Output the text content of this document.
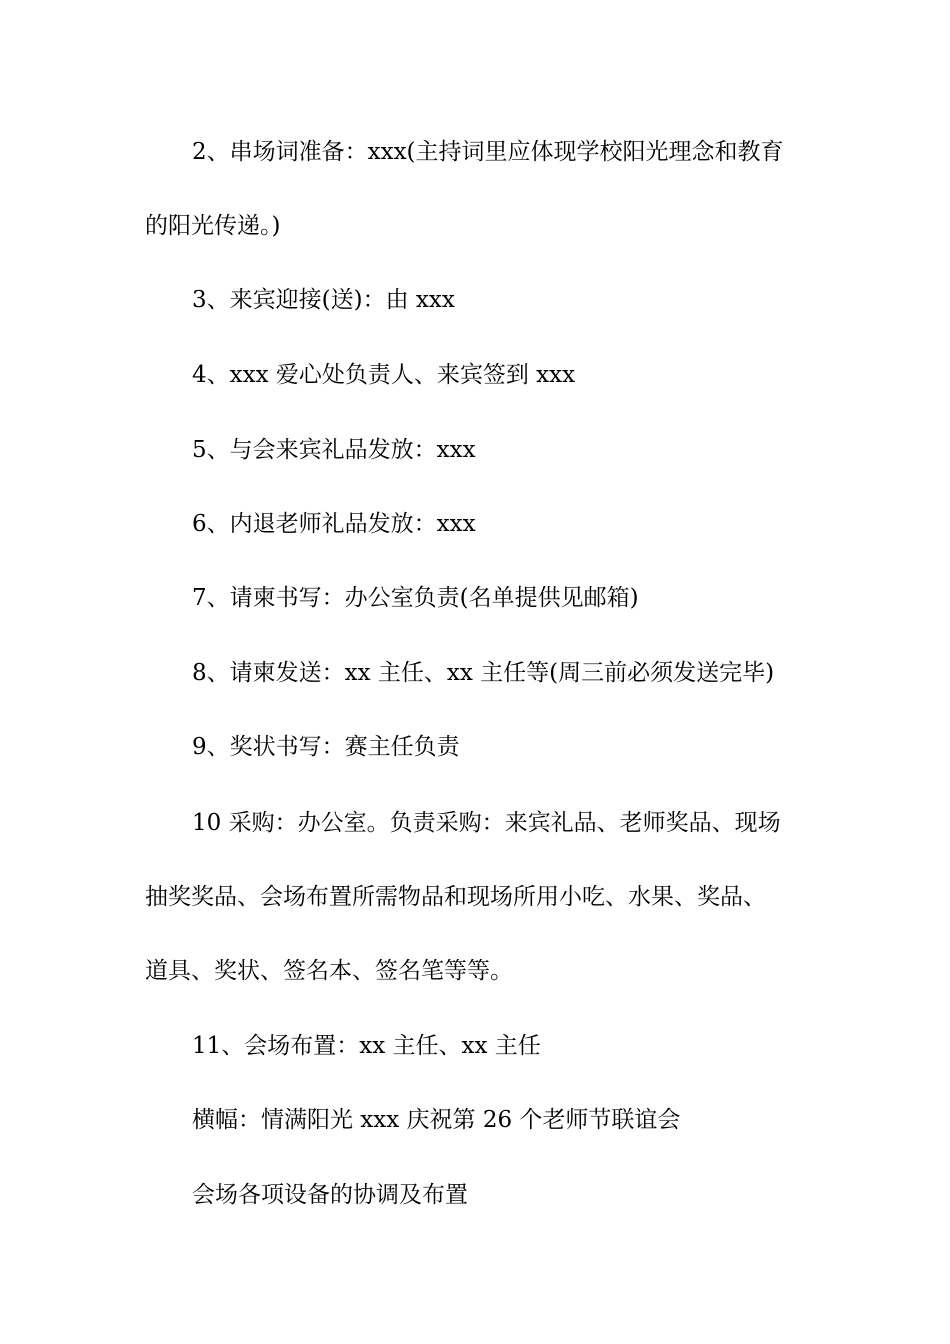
2、串场词准备：xxx(主持词里应体现学校阳光理念和教育
的阳光传递。)
3、来宾迎接(送)：由 xxx
4、xxx 爱心处负责人、来宾签到 xxx
5、与会来宾礼品发放：xxx
6、内退老师礼品发放：xxx
7、请柬书写：办公室负责(名单提供见邮箱)
8、请柬发送：xx 主任、xx 主任等(周三前必须发送完毕)
9、奖状书写：赛主任负责
10 采购：办公室。负责采购：来宾礼品、老师奖品、现场
抽奖奖品、会场布置所需物品和现场所用小吃、水果、奖品、
道具、奖状、签名本、签名笔等等。
11、会场布置：xx 主任、xx 主任
横幅：情满阳光 xxx 庆祝第 26 个老师节联谊会
会场各项设备的协调及布置
